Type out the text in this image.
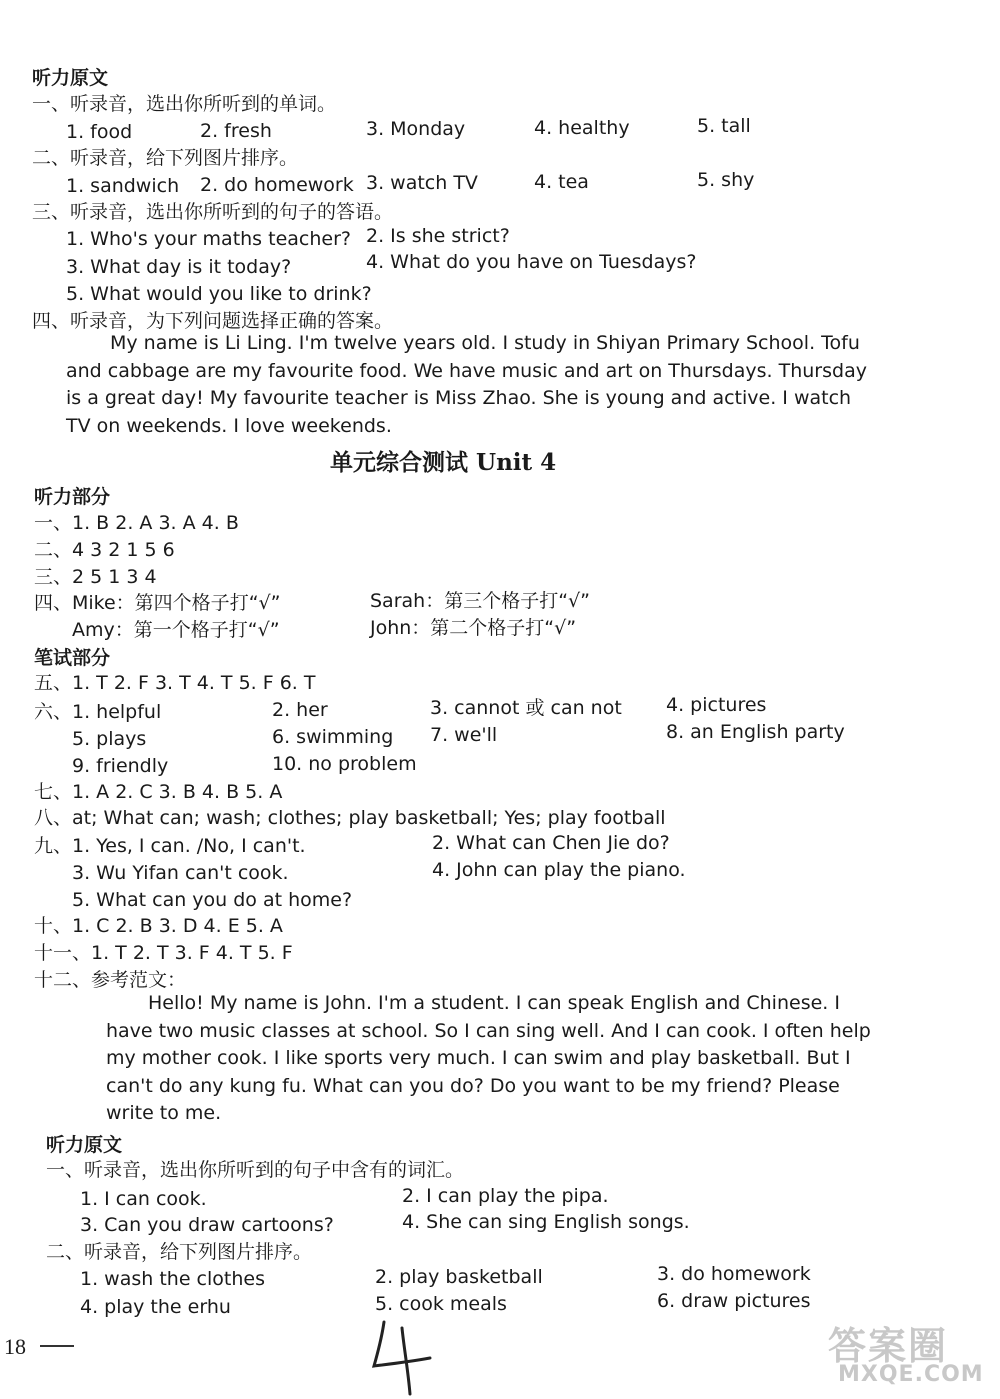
听力原文
一、听录音，选出你所听到的单词。
1. food	2. fresh	3. Monday	4. healthy	5. tall
二、听录音，给下列图片排序。
1. sandwich 2. do homework 3. watch TV	4. tea	5. shy
三、听录音，选出你所听到的句子的答语。
1. Who's your maths teacher? 2. Is she strict?
3. What day is it today?	4. What do you have on Tuesdays?
5. What would you like to drink?
四、听录音，为下列问题选择正确的答案。
My name is Li Ling. I'm twelve years old. I study in Shiyan Primary School. Tofu and cabbage are my favourite food. We have music and art on Thursdays. Thursday is a great day! My favourite teacher is Miss Zhao. She is young and active. I watch TV on weekends. I love weekends.
单元综合测试 Unit 4
听力部分
一、1. B 2. A 3. A 4. B
二、4 3 2 1 5 6
三、2 5 1 3 4
四、Mike：第四个格子打“√”	Sarah：第三个格子打“√”
Amy：第一个格子打“√”	John：第二个格子打“√”
笔试部分
五、1. T 2. F 3. T 4. T 5. F 6. T
六、1. helpful	2. her	3. cannot 或 can not 4. pictures
5. plays	6. swimming 7. we'll	8. an English party
9. friendly	10. no problem
七、1. A 2. C 3. B 4. B 5. A
八、at; What can; wash; clothes; play basketball; Yes; play football
九、1. Yes, I can. /No, I can't.	2. What can Chen Jie do?
3. Wu Yifan can't cook.	4. John can play the piano.
5. What can you do at home?
十、1. C 2. B 3. D 4. E 5. A
十一、1. T 2. T 3. F 4. T 5. F
十二、参考范文：
Hello! My name is John. I'm a student. I can speak English and Chinese. I have two music classes at school. So I can sing well. And I can cook. I often help my mother cook. I like sports very much. I can swim and play basketball. But I can't do any kung fu. What can you do? Do you want to be my friend? Please write to me.
听力原文
一、听录音，选出你所听到的句子中含有的词汇。
1. I can cook.	2. I can play the pipa.
3. Can you draw cartoons?	4. She can sing English songs.
二、听录音，给下列图片排序。
1. wash the clothes	2. play basketball	3. do homework
4. play the erhu	5. cook meals	6. draw pictures
18	答案圈
MXQE.COM
